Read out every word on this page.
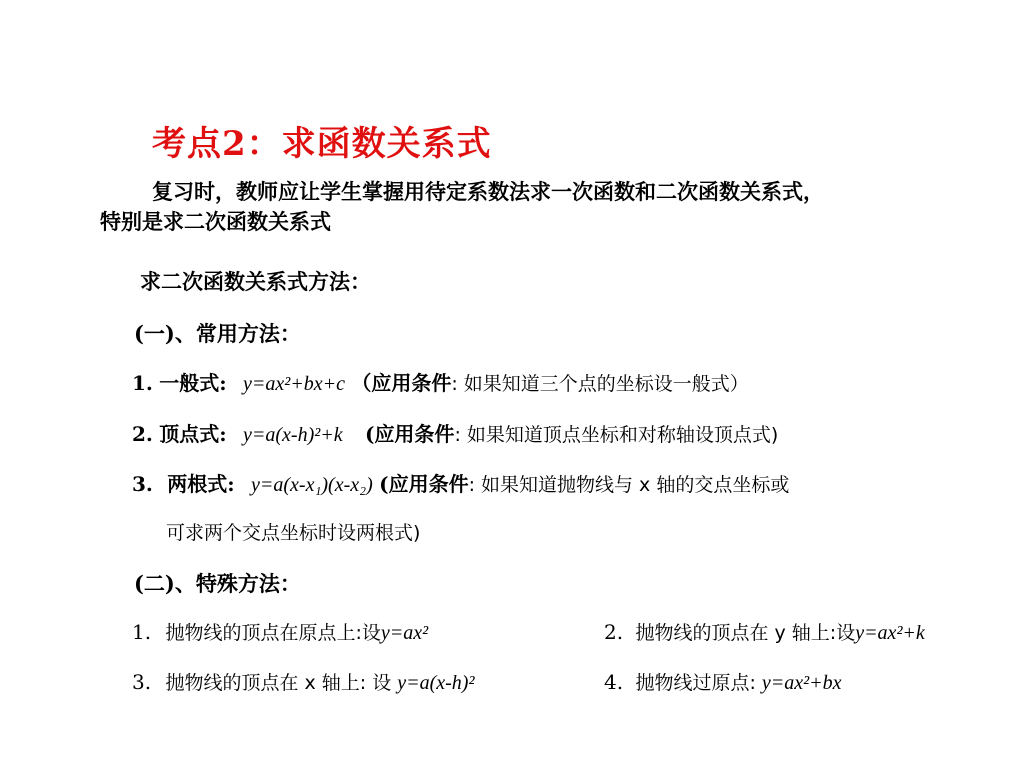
考点2：求函数关系式
复习时，教师应让学生掌握用待定系数法求一次函数和二次函数关系式，
特别是求二次函数关系式
求二次函数关系式方法：
(一)、常用方法：
1. 一般式: y=ax²+bx+c （应用条件: 如果知道三个点的坐标设一般式）
2. 顶点式: y=a(x-h)²+k (应用条件: 如果知道顶点坐标和对称轴设顶点式)
3. 两根式: y=a(x-x₁)(x-x₂) (应用条件: 如果知道抛物线与 x 轴的交点坐标或
可求两个交点坐标时设两根式)
(二)、特殊方法：
1. 抛物线的顶点在原点上:设y=ax²	2. 抛物线的顶点在 y 轴上:设y=ax²+k
3. 抛物线的顶点在 x 轴上: 设 y=a(x-h)²	4. 抛物线过原点: y=ax²+bx
